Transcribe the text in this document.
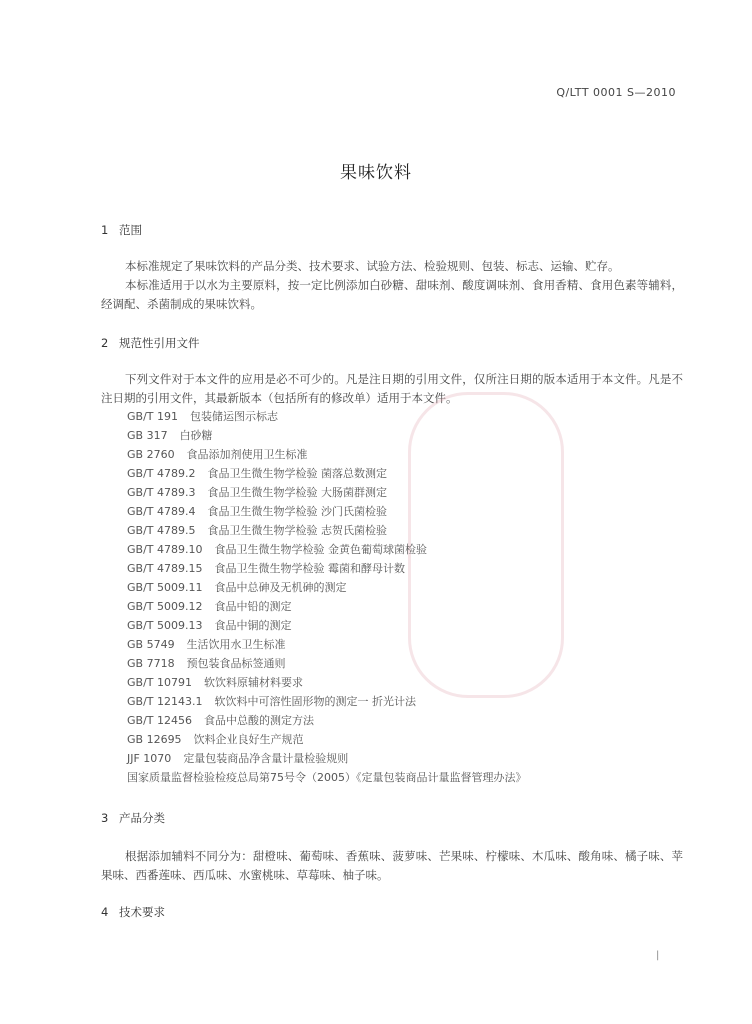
Q/LTT 0001 S—2010
果味饮料
1 范围
本标准规定了果味饮料的产品分类、技术要求、试验方法、检验规则、包装、标志、运输、贮存。
本标准适用于以水为主要原料，按一定比例添加白砂糖、甜味剂、酸度调味剂、食用香精、食用色素等辅料，经调配、杀菌制成的果味饮料。
2 规范性引用文件
下列文件对于本文件的应用是必不可少的。凡是注日期的引用文件，仅所注日期的版本适用于本文件。凡是不注日期的引用文件，其最新版本（包括所有的修改单）适用于本文件。
GB/T 191 包装储运图示标志
GB 317 白砂糖
GB 2760 食品添加剂使用卫生标准
GB/T 4789.2 食品卫生微生物学检验 菌落总数测定
GB/T 4789.3 食品卫生微生物学检验 大肠菌群测定
GB/T 4789.4 食品卫生微生物学检验 沙门氏菌检验
GB/T 4789.5 食品卫生微生物学检验 志贺氏菌检验
GB/T 4789.10 食品卫生微生物学检验 金黄色葡萄球菌检验
GB/T 4789.15 食品卫生微生物学检验 霉菌和酵母计数
GB/T 5009.11 食品中总砷及无机砷的测定
GB/T 5009.12 食品中铅的测定
GB/T 5009.13 食品中铜的测定
GB 5749 生活饮用水卫生标准
GB 7718 预包装食品标签通则
GB/T 10791 软饮料原辅材料要求
GB/T 12143.1 软饮料中可溶性固形物的测定一 折光计法
GB/T 12456 食品中总酸的测定方法
GB 12695 饮料企业良好生产规范
JJF 1070 定量包装商品净含量计量检验规则
国家质量监督检验检疫总局第75号令（2005）《定量包装商品计量监督管理办法》
3 产品分类
根据添加辅料不同分为：甜橙味、葡萄味、香蕉味、菠萝味、芒果味、柠檬味、木瓜味、酸角味、橘子味、苹果味、西番莲味、西瓜味、水蜜桃味、草莓味、柚子味。
4 技术要求
|
